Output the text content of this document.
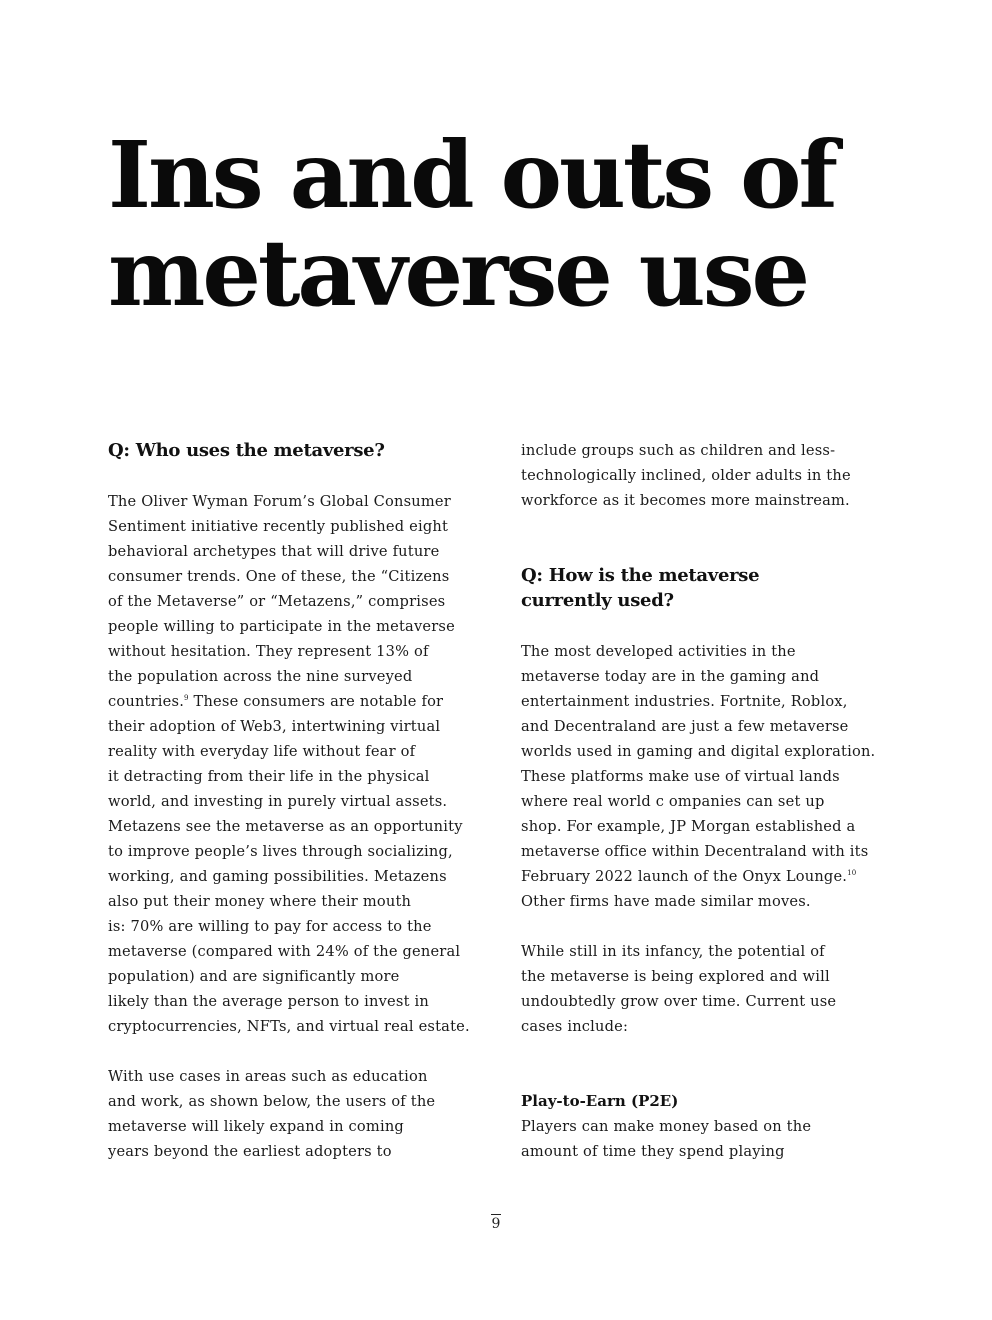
Ins and outs of
metaverse use
Q: Who uses the metaverse?

The Oliver Wyman Forum’s Global Consumer
Sentiment initiative recently published eight
behavioral archetypes that will drive future
consumer trends. One of these, the “Citizens
of the Metaverse” or “Metazens,” comprises
people willing to participate in the metaverse
without hesitation. They represent 13% of
the population across the nine surveyed
countries.$^9$ These consumers are notable for
their adoption of Web3, intertwining virtual
reality with everyday life without fear of
it detracting from their life in the physical
world, and investing in purely virtual assets.
Metazens see the metaverse as an opportunity
to improve people’s lives through socializing,
working, and gaming possibilities. Metazens
also put their money where their mouth
is: 70% are willing to pay for access to the
metaverse (compared with 24% of the general
population) and are significantly more
likely than the average person to invest in
cryptocurrencies, NFTs, and virtual real estate.

With use cases in areas such as education
and work, as shown below, the users of the
metaverse will likely expand in coming
years beyond the earliest adopters to

include groups such as children and less-
technologically inclined, older adults in the
workforce as it becomes more mainstream.

Q: How is the metaverse
currently used?

The most developed activities in the
metaverse today are in the gaming and
entertainment industries. Fortnite, Roblox,
and Decentraland are just a few metaverse
worlds used in gaming and digital exploration.
These platforms make use of virtual lands
where real world c ompanies can set up
shop. For example, JP Morgan established a
metaverse office within Decentraland with its
February 2022 launch of the Onyx Lounge.$^{10}$
Other firms have made similar moves.

While still in its infancy, the potential of
the metaverse is being explored and will
undoubtedly grow over time. Current use
cases include:

Play-to-Earn (P2E)

Players can make money based on the
amount of time they spend playing

9
